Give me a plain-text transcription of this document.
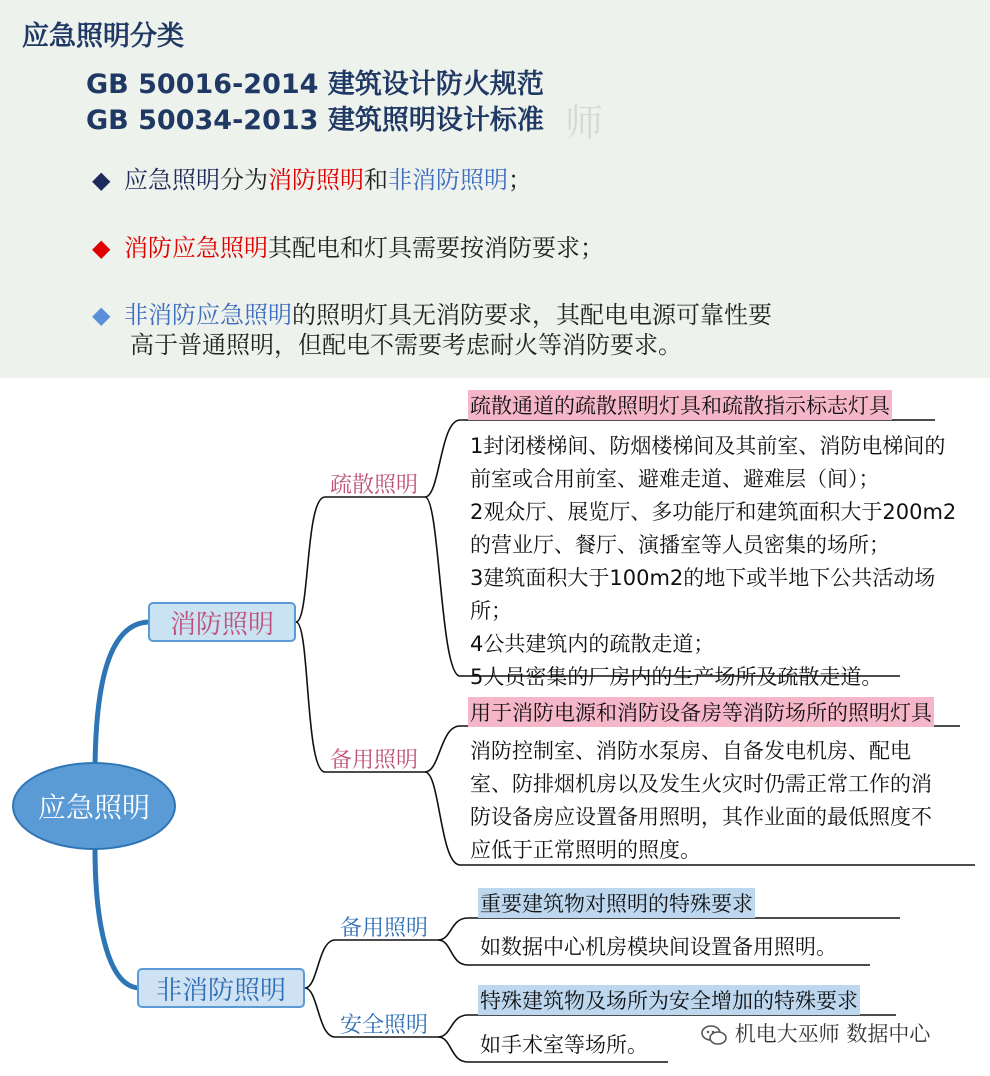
应急照明分类
GB 50016-2014 建筑设计防火规范
GB 50034-2013 建筑照明设计标准 师
◆ 应急照明分为消防照明和非消防照明；
◆ 消防应急照明其配电和灯具需要按消防要求；
◆ 非消防应急照明的照明灯具无消防要求，其配电电源可靠性要
高于普通照明，但配电不需要考虑耐火等消防要求。
应急照明
消防照明
非消防照明
疏散照明
备用照明
备用照明
安全照明
疏散通道的疏散照明灯具和疏散指示标志灯具
1封闭楼梯间、防烟楼梯间及其前室、消防电梯间的
前室或合用前室、避难走道、避难层（间）；
2观众厅、展览厅、多功能厅和建筑面积大于200m2
的营业厅、餐厅、演播室等人员密集的场所；
3建筑面积大于100m2的地下或半地下公共活动场
所；
4公共建筑内的疏散走道；
5人员密集的厂房内的生产场所及疏散走道。
用于消防电源和消防设备房等消防场所的照明灯具
消防控制室、消防水泵房、自备发电机房、配电
室、防排烟机房以及发生火灾时仍需正常工作的消
防设备房应设置备用照明，其作业面的最低照度不
应低于正常照明的照度。
重要建筑物对照明的特殊要求
如数据中心机房模块间设置备用照明。
特殊建筑物及场所为安全增加的特殊要求
如手术室等场所。	机电大巫师 数据中心
